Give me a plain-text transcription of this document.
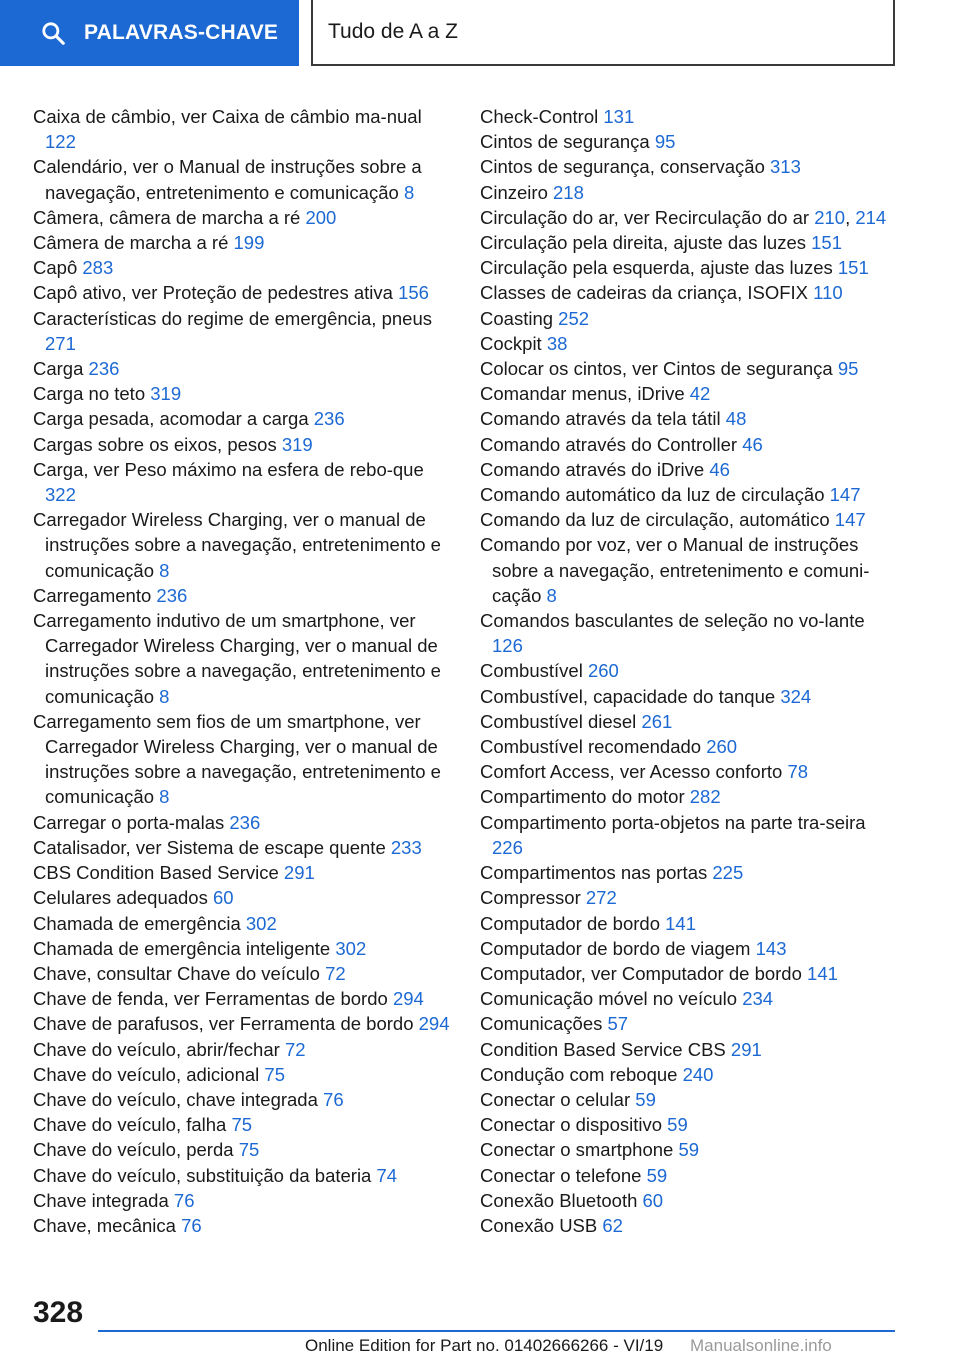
PALAVRAS-CHAVE Tudo de A a Z
Caixa de câmbio, ver Caixa de câmbio ma-nual 122
Calendário, ver o Manual de instruções sobre a navegação, entretenimento e comunicação 8
Câmera, câmera de marcha a ré 200
Câmera de marcha a ré 199
Capô 283
Capô ativo, ver Proteção de pedestres ativa 156
Características do regime de emergência, pneus 271
Carga 236
Carga no teto 319
Carga pesada, acomodar a carga 236
Cargas sobre os eixos, pesos 319
Carga, ver Peso máximo na esfera de rebo-que 322
Carregador Wireless Charging, ver o manual de instruções sobre a navegação, entretenimento e comunicação 8
Carregamento 236
Carregamento indutivo de um smartphone, ver Carregador Wireless Charging, ver o manual de instruções sobre a navegação, entretenimento e comunicação 8
Carregamento sem fios de um smartphone, ver Carregador Wireless Charging, ver o manual de instruções sobre a navegação, entretenimento e comunicação 8
Carregar o porta-malas 236
Catalisador, ver Sistema de escape quente 233
CBS Condition Based Service 291
Celulares adequados 60
Chamada de emergência 302
Chamada de emergência inteligente 302
Chave, consultar Chave do veículo 72
Chave de fenda, ver Ferramentas de bordo 294
Chave de parafusos, ver Ferramenta de bordo 294
Chave do veículo, abrir/fechar 72
Chave do veículo, adicional 75
Chave do veículo, chave integrada 76
Chave do veículo, falha 75
Chave do veículo, perda 75
Chave do veículo, substituição da bateria 74
Chave integrada 76
Chave, mecânica 76
Check-Control 131
Cintos de segurança 95
Cintos de segurança, conservação 313
Cinzeiro 218
Circulação do ar, ver Recirculação do ar 210, 214
Circulação pela direita, ajuste das luzes 151
Circulação pela esquerda, ajuste das luzes 151
Classes de cadeiras da criança, ISOFIX 110
Coasting 252
Cockpit 38
Colocar os cintos, ver Cintos de segurança 95
Comandar menus, iDrive 42
Comando através da tela tátil 48
Comando através do Controller 46
Comando através do iDrive 46
Comando automático da luz de circulação 147
Comando da luz de circulação, automático 147
Comando por voz, ver o Manual de instruções sobre a navegação, entretenimento e comuni-cação 8
Comandos basculantes de seleção no vo-lante 126
Combustível 260
Combustível, capacidade do tanque 324
Combustível diesel 261
Combustível recomendado 260
Comfort Access, ver Acesso conforto 78
Compartimento do motor 282
Compartimento porta-objetos na parte tra-seira 226
Compartimentos nas portas 225
Compressor 272
Computador de bordo 141
Computador de bordo de viagem 143
Computador, ver Computador de bordo 141
Comunicação móvel no veículo 234
Comunicações 57
Condition Based Service CBS 291
Condução com reboque 240
Conectar o celular 59
Conectar o dispositivo 59
Conectar o smartphone 59
Conectar o telefone 59
Conexão Bluetooth 60
Conexão USB 62
328
Online Edition for Part no. 01402666266 - VI/19 Manualsonline.info
